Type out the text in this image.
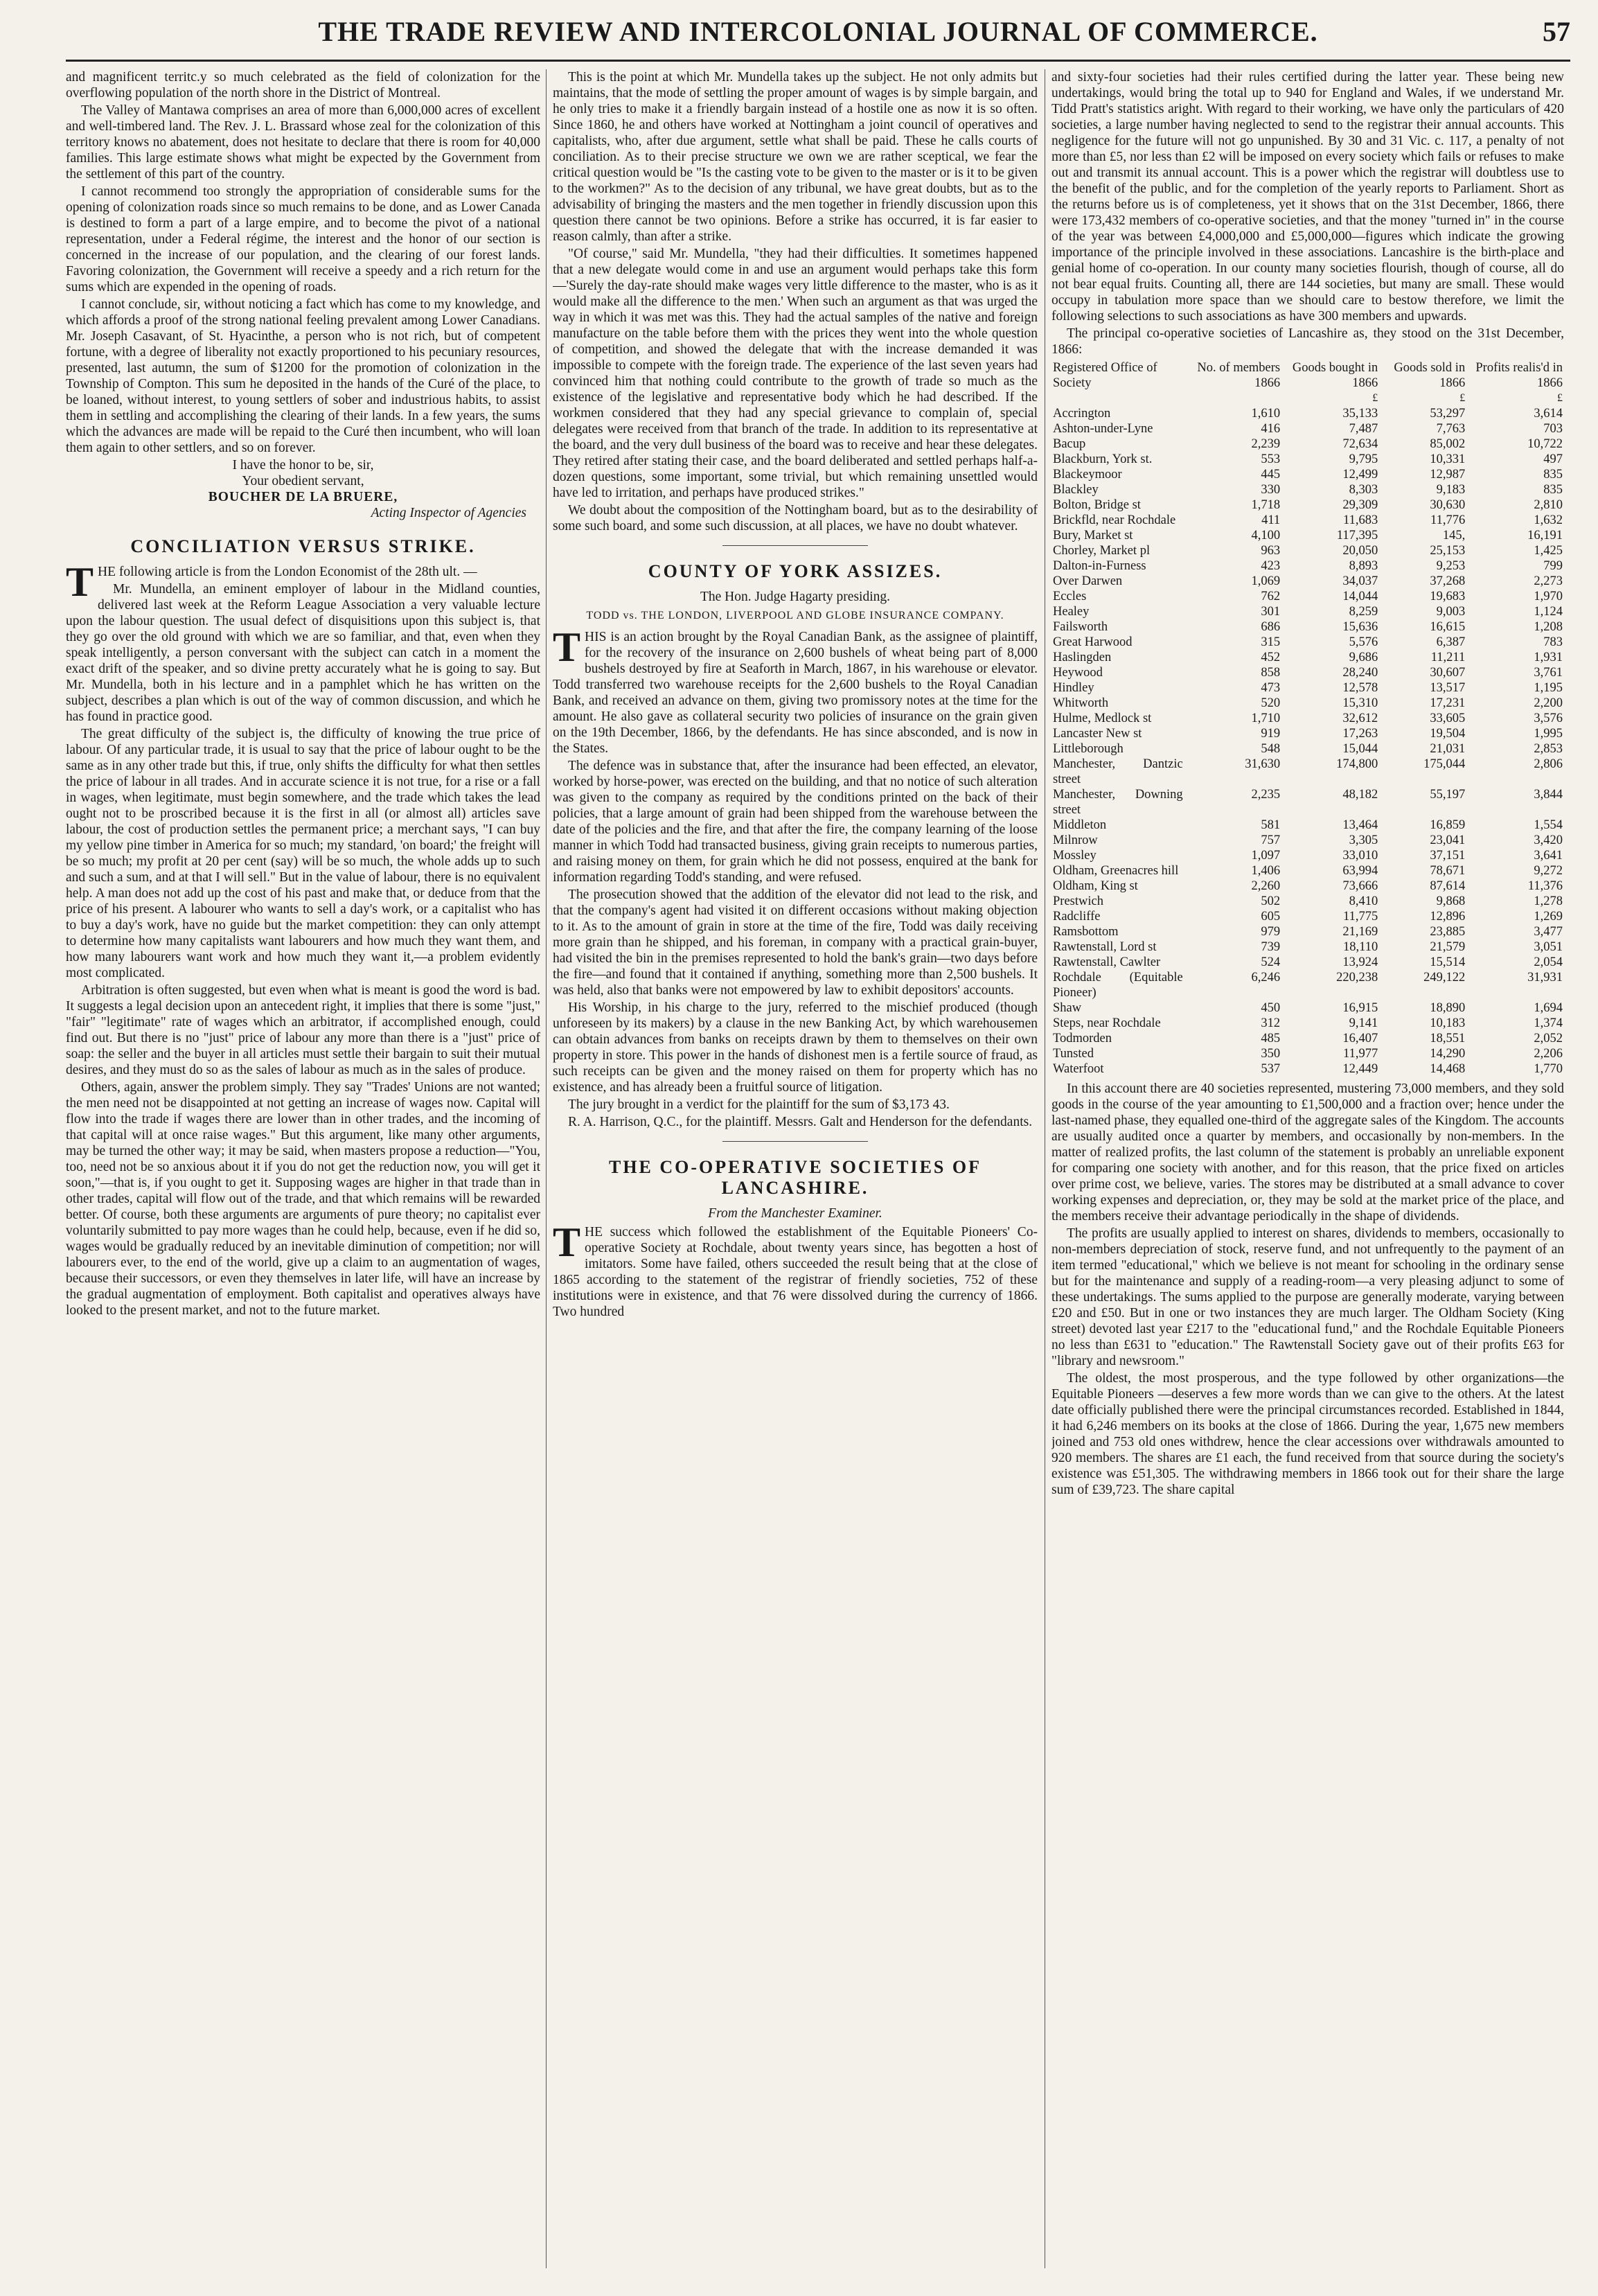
THE TRADE REVIEW AND INTERCOLONIAL JOURNAL OF COMMERCE.	57

and magnificent territc.y so much celebrated as the field of colonization for the overflowing population of the north shore in the District of Montreal.

The Valley of Mantawa comprises an area of more than 6,000,000 acres of excellent and well-timbered land. The Rev. J. L. Brassard whose zeal for the colonization of this territory knows no abatement, does not hesitate to declare that there is room for 40,000 families. This large estimate shows what might be expected by the Government from the settlement of this part of the country.

I cannot recommend too strongly the appropriation of considerable sums for the opening of colonization roads since so much remains to be done, and as Lower Canada is destined to form a part of a large empire, and to become the pivot of a national representation, under a Federal régime, the interest and the honor of our section is concerned in the increase of our population, and the clearing of our forest lands. Favoring colonization, the Government will receive a speedy and a rich return for the sums which are expended in the opening of roads.

I cannot conclude, sir, without noticing a fact which has come to my knowledge, and which affords a proof of the strong national feeling prevalent among Lower Canadians. Mr. Joseph Casavant, of St. Hyacinthe, a person who is not rich, but of competent fortune, with a degree of liberality not exactly proportioned to his pecuniary resources, presented, last autumn, the sum of $1200 for the promotion of colonization in the Township of Compton. This sum he deposited in the hands of the Curé of the place, to be loaned, without interest, to young settlers of sober and industrious habits, to assist them in settling and accomplishing the clearing of their lands. In a few years, the sums which the advances are made will be repaid to the Curé then incumbent, who will loan them again to other settlers, and so on forever.

I have the honor to be, sir,

Your obedient servant,

BOUCHER DE LA BRUERE,

Acting Inspector of Agencies

CONCILIATION VERSUS STRIKE.

THE following article is from the London Economist of the 28th ult. —

Mr. Mundella, an eminent employer of labour in the Midland counties, delivered last week at the Reform League Association a very valuable lecture upon the labour question. The usual defect of disquisitions upon this subject is, that they go over the old ground with which we are so familiar, and that, even when they speak intelligently, a person conversant with the subject can catch in a moment the exact drift of the speaker, and so divine pretty accurately what he is going to say. But Mr. Mundella, both in his lecture and in a pamphlet which he has written on the subject, describes a plan which is out of the way of common discussion, and which he has found in practice good.

The great difficulty of the subject is, the difficulty of knowing the true price of labour. Of any particular trade, it is usual to say that the price of labour ought to be the same as in any other trade but this, if true, only shifts the difficulty for what then settles the price of labour in all trades. And in accurate science it is not true, for a rise or a fall in wages, when legitimate, must begin somewhere, and the trade which takes the lead ought not to be proscribed because it is the first in all (or almost all) articles save labour, the cost of production settles the permanent price; a merchant says, "I can buy my yellow pine timber in America for so much; my standard, 'on board;' the freight will be so much; my profit at 20 per cent (say) will be so much, the whole adds up to such and such a sum, and at that I will sell." But in the value of labour, there is no equivalent help. A man does not add up the cost of his past and make that, or deduce from that the price of his present. A labourer who wants to sell a day's work, or a capitalist who has to buy a day's work, have no guide but the market competition: they can only attempt to determine how many capitalists want labourers and how much they want them, and how many labourers want work and how much they want it,—a problem evidently most complicated.

Arbitration is often suggested, but even when what is meant is good the word is bad. It suggests a legal decision upon an antecedent right, it implies that there is some "just," "fair" "legitimate" rate of wages which an arbitrator, if accomplished enough, could find out. But there is no "just" price of labour any more than there is a "just" price of soap: the seller and the buyer in all articles must settle their bargain to suit their mutual desires, and they must do so as the sales of labour as much as in the sales of produce.

Others, again, answer the problem simply. They say "Trades' Unions are not wanted; the men need not be disappointed at not getting an increase of wages now. Capital will flow into the trade if wages there are lower than in other trades, and the incoming of that capital will at once raise wages." But this argument, like many other arguments, may be turned the other way; it may be said, when masters propose a reduction—"You, too, need not be so anxious about it if you do not get the reduction now, you will get it soon,"—that is, if you ought to get it. Supposing wages are higher in that trade than in other trades, capital will flow out of the trade, and that which remains will be rewarded better. Of course, both these arguments are arguments of pure theory; no capitalist ever voluntarily submitted to pay more wages than he could help, because, even if he did so, wages would be gradually reduced by an inevitable diminution of competition; nor will labourers ever, to the end of the world, give up a claim to an augmentation of wages, because their successors, or even they themselves in later life, will have an increase by the gradual augmentation of employment. Both capitalist and operatives always have looked to the present market, and not to the future market.

This is the point at which Mr. Mundella takes up the subject. He not only admits but maintains, that the mode of settling the proper amount of wages is by simple bargain, and he only tries to make it a friendly bargain instead of a hostile one as now it is so often. Since 1860, he and others have worked at Nottingham a joint council of operatives and capitalists, who, after due argument, settle what shall be paid. These he calls courts of conciliation. As to their precise structure we own we are rather sceptical, we fear the critical question would be "Is the casting vote to be given to the master or is it to be given to the workmen?" As to the decision of any tribunal, we have great doubts, but as to the advisability of bringing the masters and the men together in friendly discussion upon this question there cannot be two opinions. Before a strike has occurred, it is far easier to reason calmly, than after a strike.

"Of course," said Mr. Mundella, "they had their difficulties. It sometimes happened that a new delegate would come in and use an argument would perhaps take this form—'Surely the day-rate should make wages very little difference to the master, who is as it would make all the difference to the men.' When such an argument as that was urged the way in which it was met was this. They had the actual samples of the native and foreign manufacture on the table before them with the prices they went into the whole question of competition, and showed the delegate that with the increase demanded it was impossible to compete with the foreign trade. The experience of the last seven years had convinced him that nothing could contribute to the growth of trade so much as the existence of the legislative and representative body which he had described. If the workmen considered that they had any special grievance to complain of, special delegates were received from that branch of the trade. In addition to its representative at the board, and the very dull business of the board was to receive and hear these delegates. They retired after stating their case, and the board deliberated and settled perhaps half-a-dozen questions, some important, some trivial, but which remaining unsettled would have led to irritation, and perhaps have produced strikes."

We doubt about the composition of the Nottingham board, but as to the desirability of some such board, and some such discussion, at all places, we have no doubt whatever.

COUNTY OF YORK ASSIZES.

The Hon. Judge Hagarty presiding.

TODD vs. THE LONDON, LIVERPOOL AND GLOBE INSURANCE COMPANY.

THIS is an action brought by the Royal Canadian Bank, as the assignee of plaintiff, for the recovery of the insurance on 2,600 bushels of wheat being part of 8,000 bushels destroyed by fire at Seaforth in March, 1867, in his warehouse or elevator. Todd transferred two warehouse receipts for the 2,600 bushels to the Royal Canadian Bank, and received an advance on them, giving two promissory notes at the time for the amount. He also gave as collateral security two policies of insurance on the grain given on the 19th December, 1866, by the defendants. He has since absconded, and is now in the States.

The defence was in substance that, after the insurance had been effected, an elevator, worked by horse-power, was erected on the building, and that no notice of such alteration was given to the company as required by the conditions printed on the back of their policies, that a large amount of grain had been shipped from the warehouse between the date of the policies and the fire, and that after the fire, the company learning of the loose manner in which Todd had transacted business, giving grain receipts to numerous parties, and raising money on them, for grain which he did not possess, enquired at the bank for information regarding Todd's standing, and were refused.

The prosecution showed that the addition of the elevator did not lead to the risk, and that the company's agent had visited it on different occasions without making objection to it. As to the amount of grain in store at the time of the fire, Todd was daily receiving more grain than he shipped, and his foreman, in company with a practical grain-buyer, had visited the bin in the premises represented to hold the bank's grain—two days before the fire—and found that it contained if anything, something more than 2,500 bushels. It was held, also that banks were not empowered by law to exhibit depositors' accounts.

His Worship, in his charge to the jury, referred to the mischief produced (though unforeseen by its makers) by a clause in the new Banking Act, by which warehousemen can obtain advances from banks on receipts drawn by them to themselves on their own property in store. This power in the hands of dishonest men is a fertile source of fraud, as such receipts can be given and the money raised on them for property which has no existence, and has already been a fruitful source of litigation.

The jury brought in a verdict for the plaintiff for the sum of $3,173 43.

R. A. Harrison, Q.C., for the plaintiff. Messrs. Galt and Henderson for the defendants.

THE CO-OPERATIVE SOCIETIES OF LANCASHIRE.

From the Manchester Examiner.

THE success which followed the establishment of the Equitable Pioneers' Co-operative Society at Rochdale, about twenty years since, has begotten a host of imitators. Some have failed, others succeeded the result being that at the close of 1865 according to the statement of the registrar of friendly societies, 752 of these institutions were in existence, and that 76 were dissolved during the currency of 1866. Two hundred

and sixty-four societies had their rules certified during the latter year. These being new undertakings, would bring the total up to 940 for England and Wales, if we understand Mr. Tidd Pratt's statistics aright. With regard to their working, we have only the particulars of 420 societies, a large number having neglected to send to the registrar their annual accounts. This negligence for the future will not go unpunished. By 30 and 31 Vic. c. 117, a penalty of not more than £5, nor less than £2 will be imposed on every society which fails or refuses to make out and transmit its annual account. This is a power which the registrar will doubtless use to the benefit of the public, and for the completion of the yearly reports to Parliament. Short as the returns before us is of completeness, yet it shows that on the 31st December, 1866, there were 173,432 members of co-operative societies, and that the money "turned in" in the course of the year was between £4,000,000 and £5,000,000—figures which indicate the growing importance of the principle involved in these associations. Lancashire is the birth-place and genial home of co-operation. In our county many societies flourish, though of course, all do not bear equal fruits. Counting all, there are 144 societies, but many are small. These would occupy in tabulation more space than we should care to bestow therefore, we limit the following selections to such associations as have 300 members and upwards.

The principal co-operative societies of Lancashire as, they stood on the 31st December, 1866:

Registered Office of Society	No. of members 1866	Goods bought in 1866	Goods sold in 1866	Profits realis'd in 1866
		£	£	£
Accrington	1,610	35,133	53,297	3,614
Ashton-under-Lyne	416	7,487	7,763	703
Bacup	2,239	72,634	85,002	10,722
Blackburn, York st.	553	9,795	10,331	497
Blackeymoor	445	12,499	12,987	835
Blackley	330	8,303	9,183	835
Bolton, Bridge st	1,718	29,309	30,630	2,810
Brickfld, near Rochdale	411	11,683	11,776	1,632
Bury, Market st	4,100	117,395	145,	16,191
Chorley, Market pl	963	20,050	25,153	1,425
Dalton-in-Furness	423	8,893	9,253	799
Over Darwen	1,069	34,037	37,268	2,273
Eccles	762	14,044	19,683	1,970
Healey	301	8,259	9,003	1,124
Failsworth	686	15,636	16,615	1,208
Great Harwood	315	5,576	6,387	783
Haslingden	452	9,686	11,211	1,931
Heywood	858	28,240	30,607	3,761
Hindley	473	12,578	13,517	1,195
Whitworth	520	15,310	17,231	2,200
Hulme, Medlock st	1,710	32,612	33,605	3,576
Lancaster New st	919	17,263	19,504	1,995
Littleborough	548	15,044	21,031	2,853
Manchester, Dantzic street	31,630	174,800	175,044	2,806
Manchester, Downing street	2,235	48,182	55,197	3,844
Middleton	581	13,464	16,859	1,554
Milnrow	757	3,305	23,041	3,420
Mossley	1,097	33,010	37,151	3,641
Oldham, Greenacres hill	1,406	63,994	78,671	9,272
Oldham, King st	2,260	73,666	87,614	11,376
Prestwich	502	8,410	9,868	1,278
Radcliffe	605	11,775	12,896	1,269
Ramsbottom	979	21,169	23,885	3,477
Rawtenstall, Lord st	739	18,110	21,579	3,051
Rawtenstall, Cawlter	524	13,924	15,514	2,054
Rochdale (Equitable Pioneer)	6,246	220,238	249,122	31,931
Shaw	450	16,915	18,890	1,694
Steps, near Rochdale	312	9,141	10,183	1,374
Todmorden	485	16,407	18,551	2,052
Tunsted	350	11,977	14,290	2,206
Waterfoot	537	12,449	14,468	1,770

In this account there are 40 societies represented, mustering 73,000 members, and they sold goods in the course of the year amounting to £1,500,000 and a fraction over; hence under the last-named phase, they equalled one-third of the aggregate sales of the Kingdom. The accounts are usually audited once a quarter by members, and occasionally by non-members. In the matter of realized profits, the last column of the statement is probably an unreliable exponent for comparing one society with another, and for this reason, that the price fixed on articles over prime cost, we believe, varies. The stores may be distributed at a small advance to cover working expenses and depreciation, or, they may be sold at the market price of the place, and the members receive their advantage periodically in the shape of dividends.

The profits are usually applied to interest on shares, dividends to members, occasionally to non-members depreciation of stock, reserve fund, and not unfrequently to the payment of an item termed "educational," which we believe is not meant for schooling in the ordinary sense but for the maintenance and supply of a reading-room—a very pleasing adjunct to some of these undertakings. The sums applied to the purpose are generally moderate, varying between £20 and £50. But in one or two instances they are much larger. The Oldham Society (King street) devoted last year £217 to the "educational fund," and the Rochdale Equitable Pioneers no less than £631 to "education." The Rawtenstall Society gave out of their profits £63 for "library and newsroom."

The oldest, the most prosperous, and the type followed by other organizations—the Equitable Pioneers —deserves a few more words than we can give to the others. At the latest date officially published there were the principal circumstances recorded. Established in 1844, it had 6,246 members on its books at the close of 1866. During the year, 1,675 new members joined and 753 old ones withdrew, hence the clear accessions over withdrawals amounted to 920 members. The shares are £1 each, the fund received from that source during the society's existence was £51,305. The withdrawing members in 1866 took out for their share the large sum of £39,723. The share capital
